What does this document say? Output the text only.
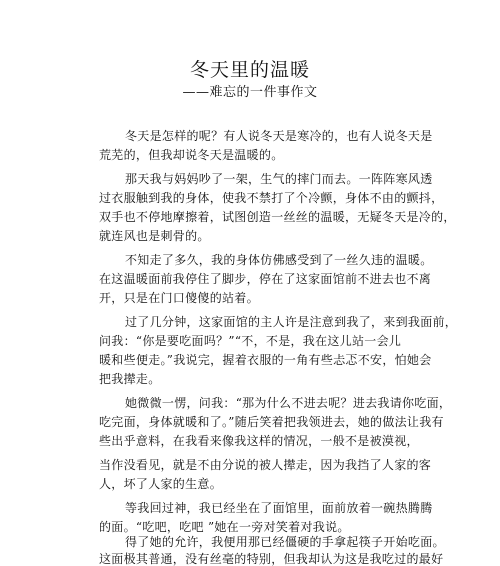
冬天里的温暖
——难忘的一件事作文
冬天是怎样的呢？有人说冬天是寒冷的，也有人说冬天是
荒芜的，但我却说冬天是温暖的。
那天我与妈妈吵了一架，生气的摔门而去。一阵阵寒风透
过衣服触到我的身体，使我不禁打了个冷颤，身体不由的颤抖，
双手也不停地摩擦着，试图创造一丝丝的温暖，无疑冬天是冷的，
就连风也是刺骨的。
不知走了多久，我的身体仿佛感受到了一丝久违的温暖。
在这温暖面前我停住了脚步，停在了这家面馆前不进去也不离
开，只是在门口傻傻的站着。
过了几分钟，这家面馆的主人许是注意到我了，来到我面前，
问我：“你是要吃面吗？”“不，不是，我在这儿站一会儿
暖和些便走。”我说完，握着衣服的一角有些忐忑不安，怕她会
把我撵走。
她微微一愣，问我：“那为什么不进去呢？进去我请你吃面，
吃完面，身体就暖和了。”随后笑着把我领进去，她的做法让我有
些出乎意料，在我看来像我这样的情况，一般不是被漠视，
当作没看见，就是不由分说的被人撵走，因为我挡了人家的客
人，坏了人家的生意。
等我回过神，我已经坐在了面馆里，面前放着一碗热腾腾
的面。“吃吧，吃吧 ”她在一旁对笑着对我说。
得了她的允许，我便用那已经僵硬的手拿起筷子开始吃面。
这面极其普通，没有丝毫的特别，但我却认为这是我吃过的最好
